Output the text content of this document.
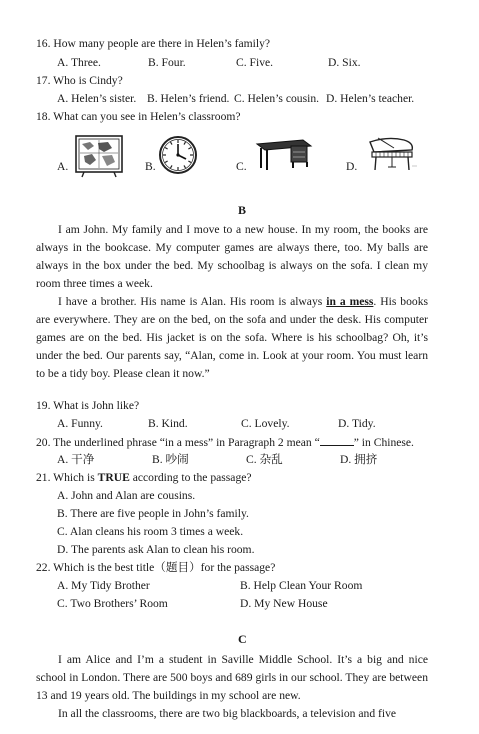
16. How many people are there in Helen’s family?
A. Three.	B. Four.	C. Five.	D. Six.
17. Who is Cindy?
A. Helen’s sister. B. Helen’s friend. C. Helen’s cousin. D. Helen’s teacher.
18. What can you see in Helen’s classroom?
A.	B.	C.	D.
B
I am John. My family and I move to a new house. In my room, the books are always in the bookcase. My computer games are always there, too. My balls are always in the box under the bed. My schoolbag is always on the sofa. I clean my room three times a week.
I have a brother. His name is Alan. His room is always in a mess. His books are everywhere. They are on the bed, on the sofa and under the desk. His computer games are on the bed. His jacket is on the sofa. Where is his schoolbag? Oh, it’s under the bed. Our parents say, “Alan, come in. Look at your room. You must learn to be a tidy boy. Please clean it now.”
19. What is John like?
A. Funny.	B. Kind.	C. Lovely.	D. Tidy.
20. The underlined phrase “in a mess” in Paragraph 2 mean “	” in Chinese.
A. 干净	B. 吵闹	C. 杂乱	D. 拥挤
21. Which is TRUE according to the passage?
A. John and Alan are cousins.
B. There are five people in John’s family.
C. Alan cleans his room 3 times a week.
D. The parents ask Alan to clean his room.
22. Which is the best title（题目）for the passage?
A. My Tidy Brother	B. Help Clean Your Room
C. Two Brothers’ Room	D. My New House
C
I am Alice and I’m a student in Saville Middle School. It’s a big and nice school in London. There are 500 boys and 689 girls in our school. They are between 13 and 19 years old. The buildings in my school are new.
In all the classrooms, there are two big blackboards, a television and five
